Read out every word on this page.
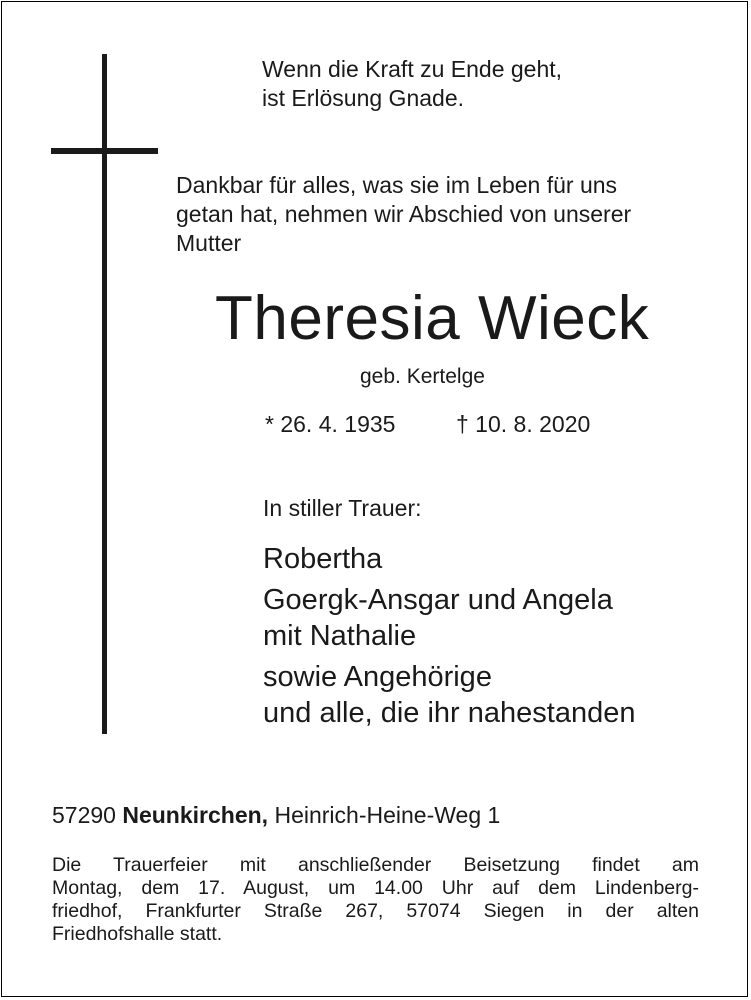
Wenn die Kraft zu Ende geht,
ist Erlösung Gnade.
Dankbar für alles, was sie im Leben für uns
getan hat, nehmen wir Abschied von unserer
Mutter
Theresia Wieck
geb. Kertelge
* 26. 4. 1935	† 10. 8. 2020
In stiller Trauer:
Robertha
Goergk-Ansgar und Angela
mit Nathalie
sowie Angehörige
und alle, die ihr nahestanden
57290 Neunkirchen, Heinrich-Heine-Weg 1
Die Trauerfeier mit anschließender Beisetzung findet am
Montag, dem 17. August, um 14.00 Uhr auf dem Lindenberg-
friedhof, Frankfurter Straße 267, 57074 Siegen in der alten
Friedhofshalle statt.
